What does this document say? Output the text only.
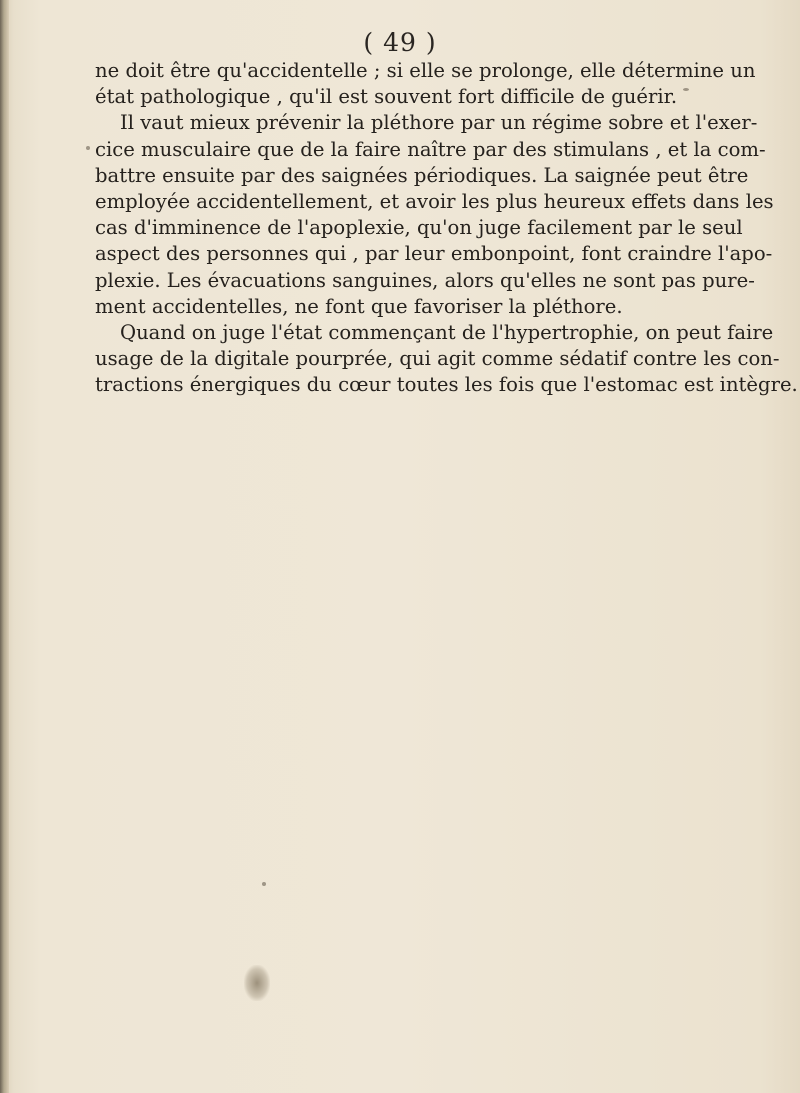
( 49 )
ne doit être qu'accidentelle ; si elle se prolonge, elle détermine un
état pathologique , qu'il est souvent fort difficile de guérir.
Il vaut mieux prévenir la pléthore par un régime sobre et l'exer-
cice musculaire que de la faire naître par des stimulans , et la com-
battre ensuite par des saignées périodiques. La saignée peut être
employée accidentellement, et avoir les plus heureux effets dans les
cas d'imminence de l'apoplexie, qu'on juge facilement par le seul
aspect des personnes qui , par leur embonpoint, font craindre l'apo-
plexie. Les évacuations sanguines, alors qu'elles ne sont pas pure-
ment accidentelles, ne font que favoriser la pléthore.
Quand on juge l'état commençant de l'hypertrophie, on peut faire
usage de la digitale pourprée, qui agit comme sédatif contre les con-
tractions énergiques du cœur toutes les fois que l'estomac est intègre.
